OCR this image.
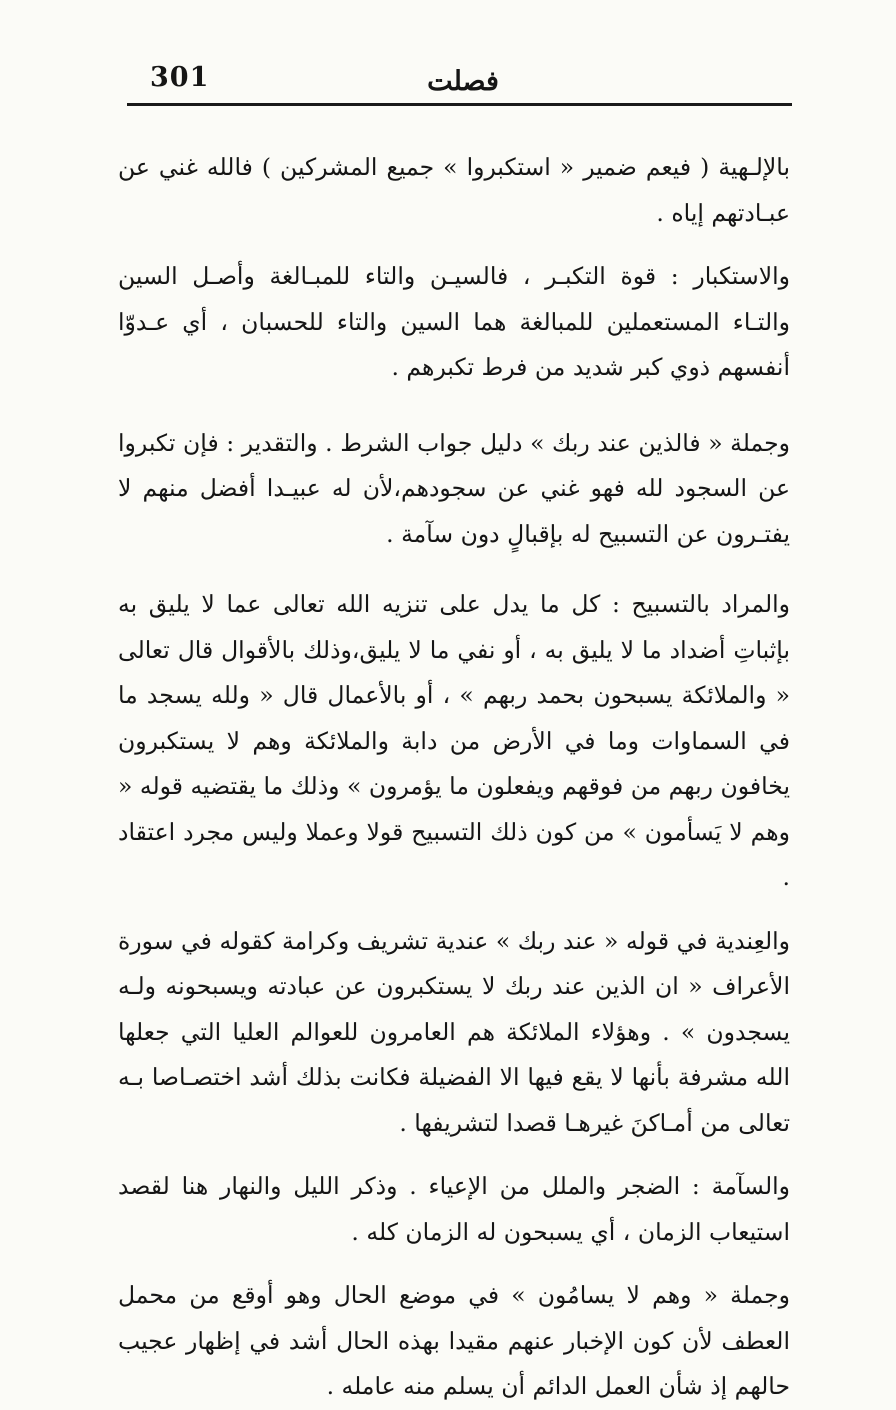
301	فصلت

بالإلـهية ( فيعم ضمير « استكبروا » جميع المشركين ) فالله غني عن عبـادتهم إياه .

والاستكبار : قوة التكبـر ، فالسيـن والتاء للمبـالغة وأصـل السين والتـاء المستعملين للمبالغة هما السين والتاء للحسبان ، أي عـدوّا أنفسهم ذوي كبر شديد من فرط تكبرهم .

وجملة « فالذين عند ربك » دليل جواب الشرط . والتقدير : فإن تكبروا عن السجود لله فهو غني عن سجودهم،لأن له عبيـدا أفضل منهم لا يفتـرون عن التسبيح له بإقبالٍ دون سآمة .

والمراد بالتسبيح : كل ما يدل على تنزيه الله تعالى عما لا يليق به بإثباتِ أضداد ما لا يليق به ، أو نفي ما لا يليق،وذلك بالأقوال قال تعالى « والملائكة يسبحون بحمد ربهم » ، أو بالأعمال قال « ولله يسجد ما في السماوات وما في الأرض من دابة والملائكة وهم لا يستكبرون يخافون ربهم من فوقهم ويفعلون ما يؤمرون » وذلك ما يقتضيه قوله « وهم لا يَسأمون » من كون ذلك التسبيح قولا وعملا وليس مجرد اعتقاد .

والعِندية في قوله « عند ربك » عندية تشريف وكرامة كقوله في سورة الأعراف « ان الذين عند ربك لا يستكبرون عن عبادته ويسبحونه ولـه يسجدون » . وهؤلاء الملائكة هم العامرون للعوالم العليا التي جعلها الله مشرفة بأنها لا يقع فيها الا الفضيلة فكانت بذلك أشد اختصـاصا بـه تعالى من أمـاكنَ غيرهـا قصدا لتشريفها .

والسآمة : الضجر والملل من الإعياء . وذكر الليل والنهار هنا لقصد استيعاب الزمان ، أي يسبحون له الزمان كله .

وجملة « وهم لا يسامُون » في موضع الحال وهو أوقع من محمل العطف لأن كون الإخبار عنهم مقيدا بهذه الحال أشد في إظهار عجيب حالهم إذ شأن العمل الدائم أن يسلم منه عامله .
